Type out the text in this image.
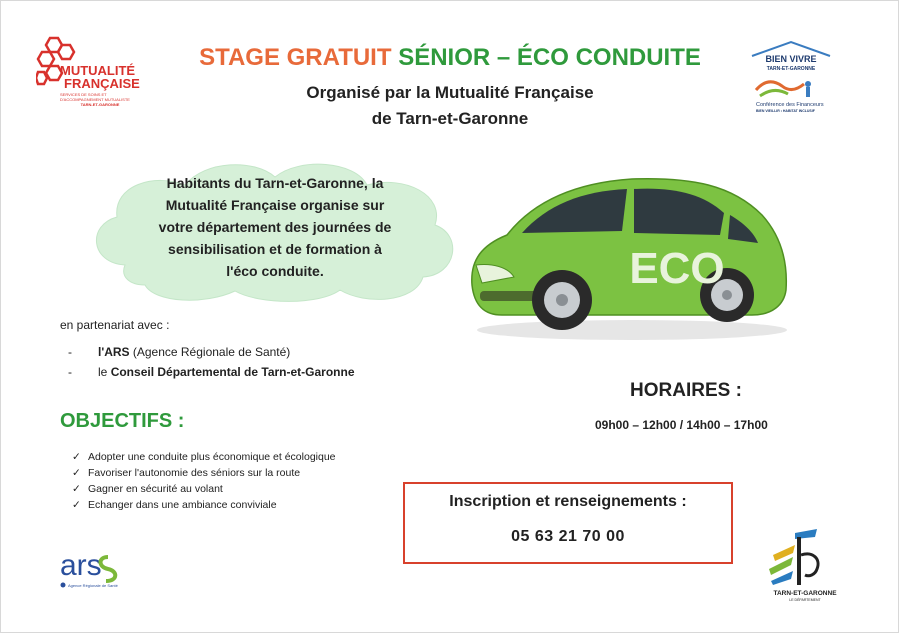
MUTUALITÉ
FRANÇAISE
SERVICES DE SOINS ET D'ACCOMPAGNEMENT MUTUALISTE
TARN-ET-GARONNE
STAGE GRATUIT SÉNIOR – ÉCO CONDUITE
Organisé par la Mutualité Française
de Tarn-et-Garonne
BIEN VIVRE
TARN-ET-GARONNE
Conférence des Financeurs
BIEN VIEILLIR • HABITAT INCLUSIF
Habitants du Tarn-et-Garonne, la
Mutualité Française organise sur
votre département des journées de
sensibilisation et de formation à
l'éco conduite.	ECO
en partenariat avec :
- l'ARS (Agence Régionale de Santé)
- le Conseil Départemental de Tarn-et-Garonne
OBJECTIFS :
✓ Adopter une conduite plus économique et écologique
✓ Favoriser l'autonomie des séniors sur la route
✓ Gagner en sécurité au volant
✓ Echanger dans une ambiance conviviale
HORAIRES :
09h00 – 12h00 / 14h00 – 17h00
Inscription et renseignements :
05 63 21 70 00
ars
Agence Régionale de Santé
TARN-ET-GARONNE
LE DÉPARTEMENT
